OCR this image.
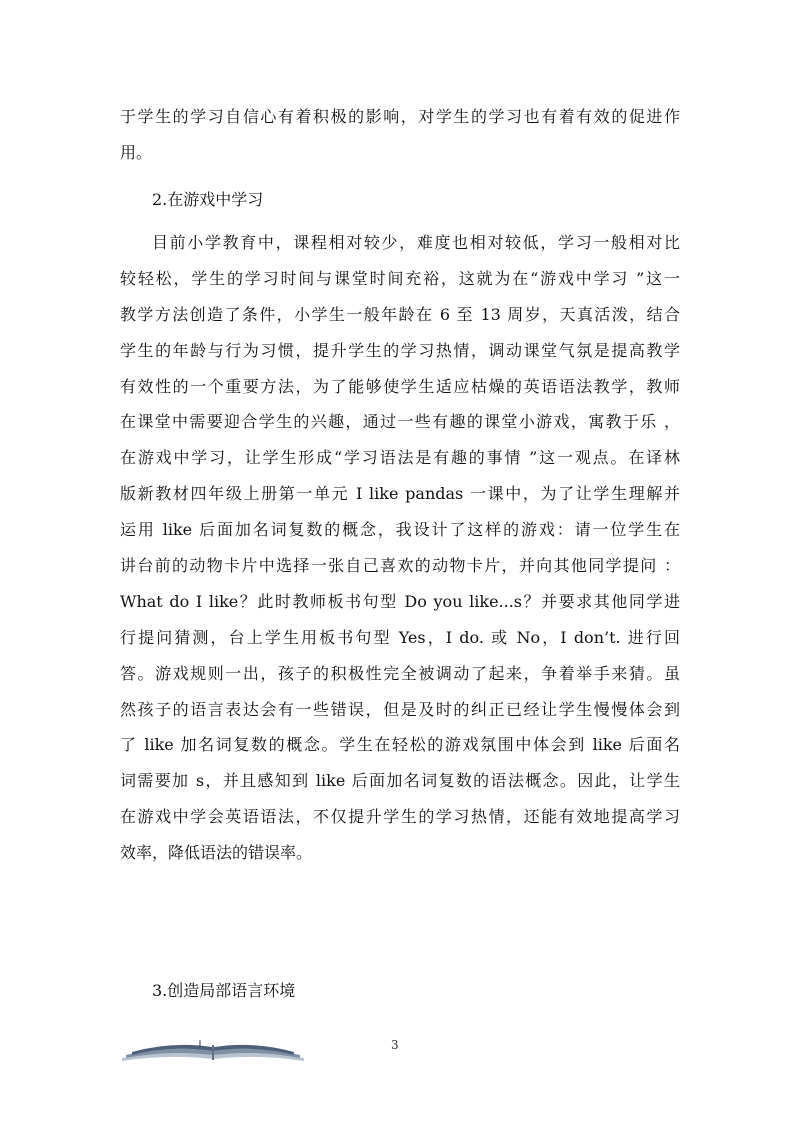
于学生的学习自信心有着积极的影响，对学生的学习也有着有效的促进作
用。
2.在游戏中学习
目前小学教育中，课程相对较少，难度也相对较低，学习一般相对比
较轻松，学生的学习时间与课堂时间充裕，这就为在“游戏中学习 ”这一
教学方法创造了条件，小学生一般年龄在 6 至 13 周岁，天真活泼，结合
学生的年龄与行为习惯，提升学生的学习热情，调动课堂气氛是提高教学
有效性的一个重要方法，为了能够使学生适应枯燥的英语语法教学，教师
在课堂中需要迎合学生的兴趣，通过一些有趣的课堂小游戏，寓教于乐 ，
在游戏中学习，让学生形成“学习语法是有趣的事情 ”这一观点。在译林
版新教材四年级上册第一单元 I like pandas 一课中，为了让学生理解并
运用 like 后面加名词复数的概念，我设计了这样的游戏：请一位学生在
讲台前的动物卡片中选择一张自己喜欢的动物卡片，并向其他同学提问 ：
What do I like？此时教师板书句型 Do you like...s？并要求其他同学进
行提问猜测，台上学生用板书句型 Yes，I do. 或 No，I don’t. 进行回
答。游戏规则一出，孩子的积极性完全被调动了起来，争着举手来猜。虽
然孩子的语言表达会有一些错误，但是及时的纠正已经让学生慢慢体会到
了 like 加名词复数的概念。学生在轻松的游戏氛围中体会到 like 后面名
词需要加 s，并且感知到 like 后面加名词复数的语法概念。因此，让学生
在游戏中学会英语语法，不仅提升学生的学习热情，还能有效地提高学习
效率，降低语法的错误率。
3.创造局部语言环境
3
